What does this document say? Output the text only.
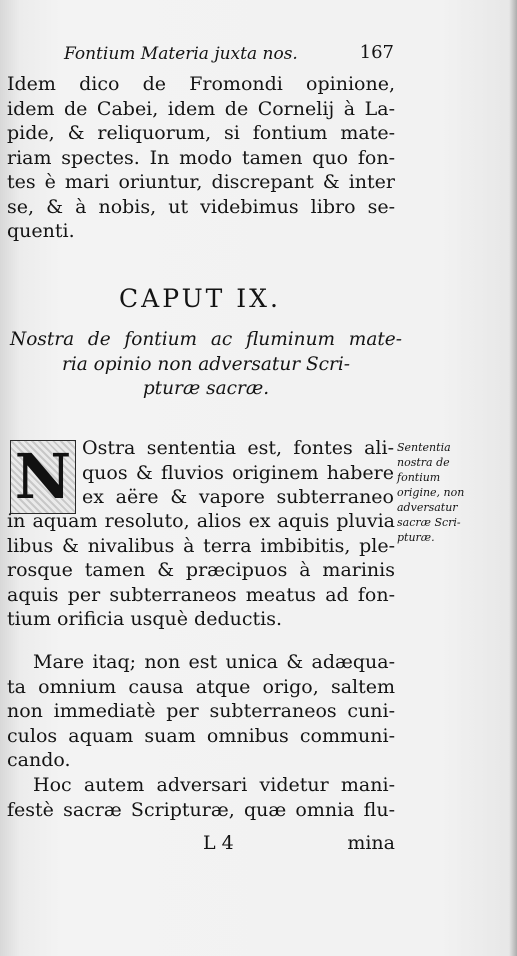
Fontium Materia juxta nos.	167
Idem dico de Fromondi opinione,
idem de Cabei, idem de Cornelij à La-
pide, & reliquorum, si fontium mate-
riam spectes. In modo tamen quo fon-
tes è mari oriuntur, discrepant & inter
se, & à nobis, ut videbimus libro se-
quenti.
CAPUT IX.
Nostra de fontium ac fluminum mate-
ria opinio non adversatur Scri-
pturæ sacræ.
N Ostra sententia est, fontes ali-
quos & fluvios originem habere
ex aëre & vapore subterraneo
in aquam resoluto, alios ex aquis pluvia
libus & nivalibus à terra imbibitis, ple-
rosque tamen & præcipuos à marinis
aquis per subterraneos meatus ad fon-
tium orificia usquè deductis.
Mare itaq; non est unica & adæqua-
ta omnium causa atque origo, saltem
non immediatè per subterraneos cuni-
culos aquam suam omnibus communi-
cando.
Hoc autem adversari videtur mani-
festè sacræ Scripturæ, quæ omnia flu-
Sententia
nostra de
fontium
origine, non
adversatur
sacræ Scri-
pturæ.
L 4	mina
